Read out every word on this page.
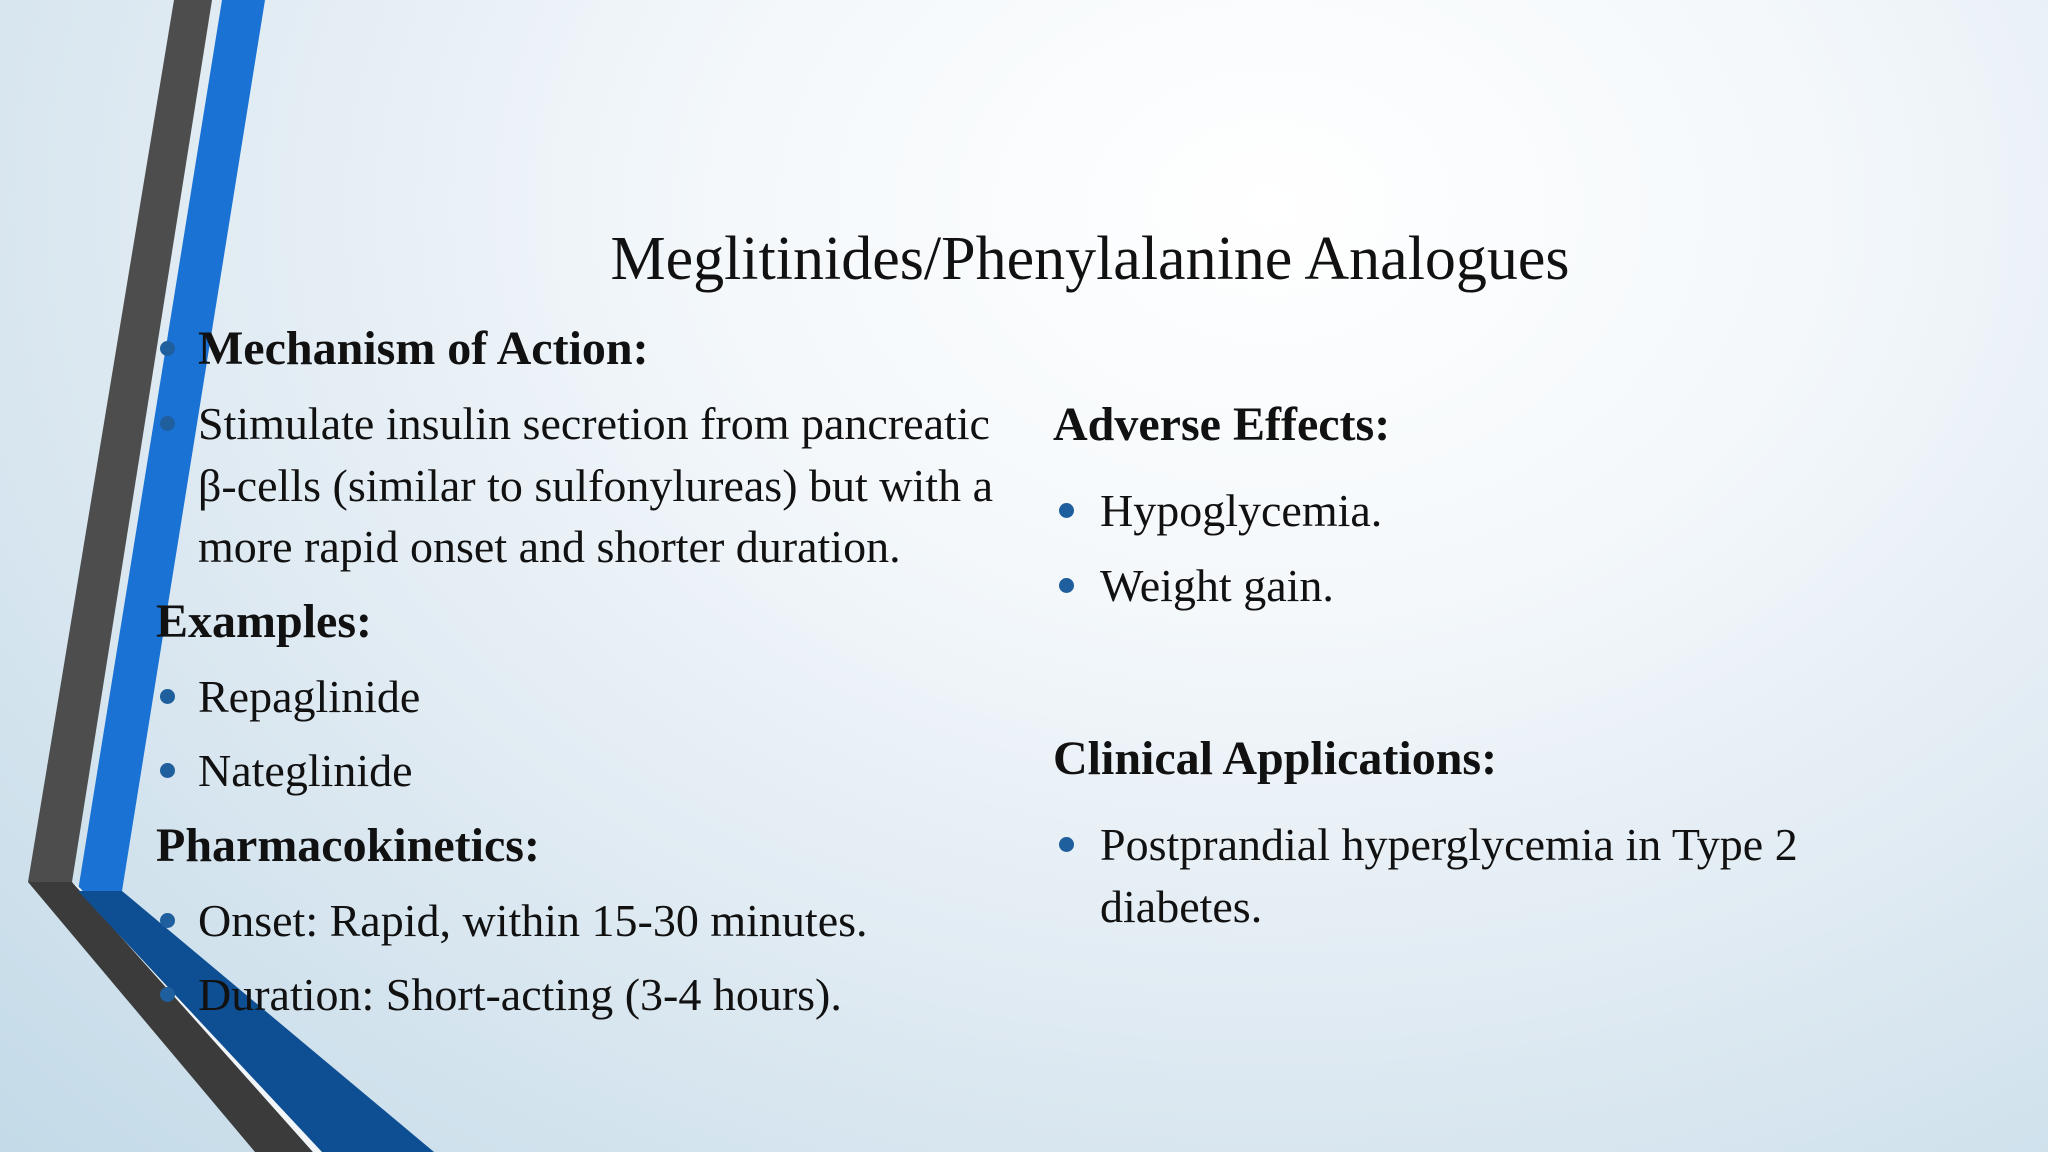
Meglitinides/Phenylalanine Analogues
Mechanism of Action:
Stimulate insulin secretion from pancreatic β-cells (similar to sulfonylureas) but with a more rapid onset and shorter duration.
Examples:
Repaglinide
Nateglinide
Pharmacokinetics:
Onset: Rapid, within 15-30 minutes.
Duration: Short-acting (3-4 hours).
Adverse Effects:
Hypoglycemia.
Weight gain.
Clinical Applications:
Postprandial hyperglycemia in Type 2 diabetes.
